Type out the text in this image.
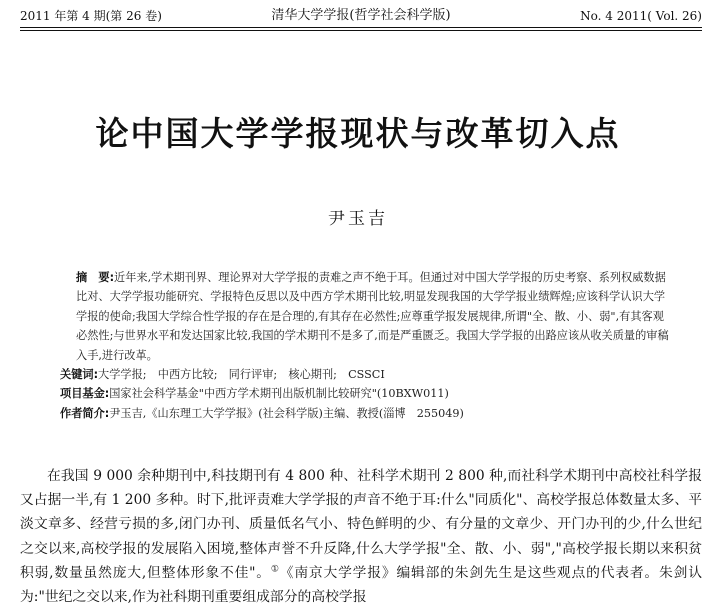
2011 年第 4 期(第 26 卷)	清华大学学报(哲学社会科学版)	No. 4 2011( Vol. 26)
论中国大学学报现状与改革切入点
尹玉吉

摘　要:近年来,学术期刊界、理论界对大学学报的责难之声不绝于耳。但通过对中国大学学报的历史考察、系列权威数据比对、大学学报功能研究、学报特色反思以及中西方学术期刊比较,明显发现我国的大学学报业绩辉煌;应该科学认识大学学报的使命;我国大学综合性学报的存在是合理的,有其存在必然性;应尊重学报发展规律,所谓"全、散、小、弱",有其客观必然性;与世界水平和发达国家比较,我国的学术期刊不是多了,而是严重匮乏。我国大学学报的出路应该从收关质量的审稿入手,进行改革。

关键词:大学学报;  中西方比较;  同行评审;  核心期刊;  CSSCI

项目基金:国家社会科学基金"中西方学术期刊出版机制比较研究"(10BXW011)

作者简介:尹玉吉,《山东理工大学学报》(社会科学版)主编、教授(淄博　255049)

在我国 9 000 余种期刊中,科技期刊有 4 800 种、社科学术期刊 2 800 种,而社科学术期刊中高校社科学报又占据一半,有 1 200 多种。时下,批评责难大学学报的声音不绝于耳:什么"同质化"、高校学报总体数量太多、平淡文章多、经营亏损的多,闭门办刊、质量低名气小、特色鲜明的少、有分量的文章少、开门办刊的少,什么世纪之交以来,高校学报的发展陷入困境,整体声誉不升反降,什么大学学报"全、散、小、弱","高校学报长期以来积贫积弱,数量虽然庞大,但整体形象不佳"。①《南京大学学报》编辑部的朱剑先生是这些观点的代表者。朱剑认为:"世纪之交以来,作为社科期刊重要组成部分的高校学报
